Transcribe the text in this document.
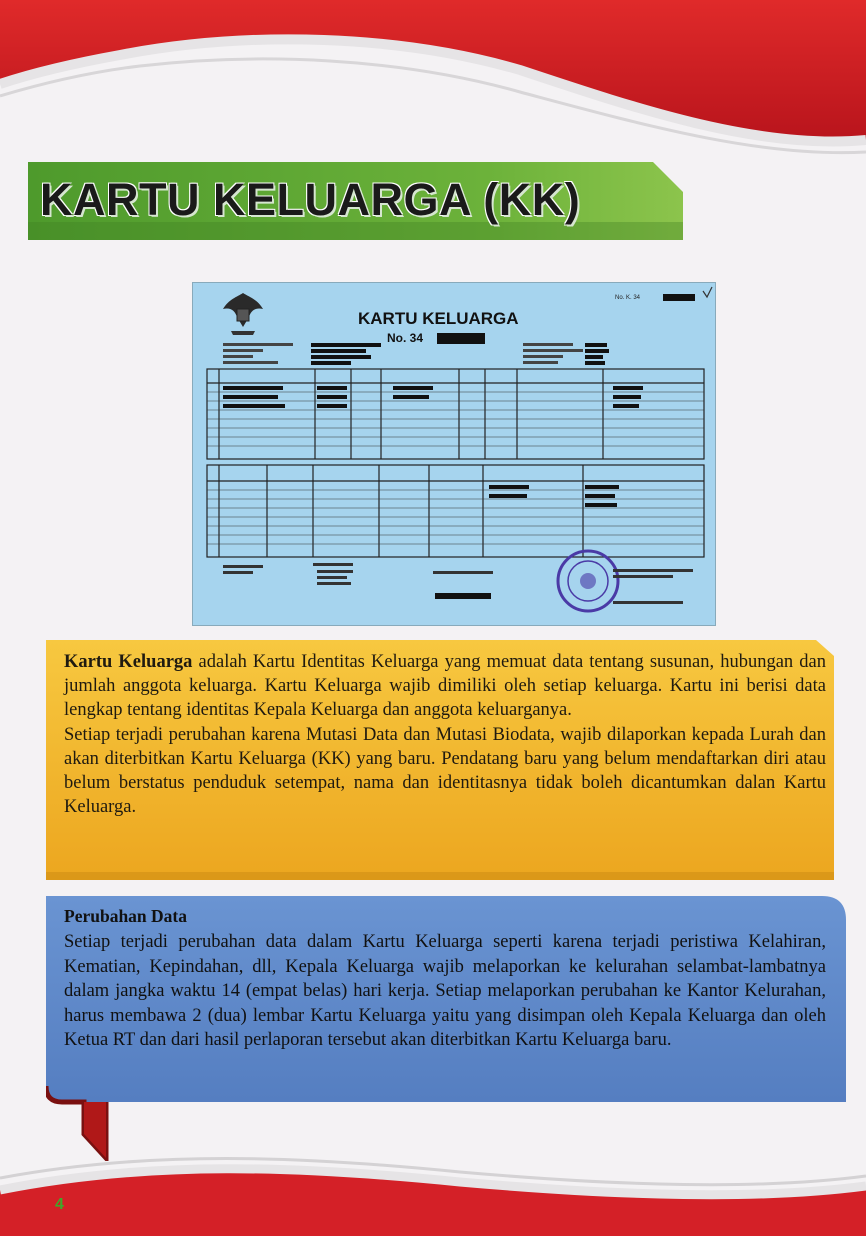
KARTU KELUARGA (KK)
KARTU KELUARGA
No. 34
No. K. 34

Kartu Keluarga adalah Kartu Identitas Keluarga yang memuat data tentang susunan, hubungan dan jumlah anggota keluarga. Kartu Keluarga wajib dimiliki oleh setiap keluarga. Kartu ini berisi data lengkap tentang identitas Kepala Keluarga dan anggota keluarganya.

Setiap terjadi perubahan karena Mutasi Data dan Mutasi Biodata, wajib dilaporkan kepada Lurah dan akan diterbitkan Kartu Keluarga (KK) yang baru. Pendatang baru yang belum mendaftarkan diri atau belum berstatus penduduk setempat, nama dan identitasnya tidak boleh dicantumkan dalan Kartu Keluarga.

Perubahan Data
Setiap terjadi perubahan data dalam Kartu Keluarga seperti karena terjadi peristiwa Kelahiran, Kematian, Kepindahan, dll, Kepala Keluarga wajib melaporkan ke kelurahan selambat-lambatnya dalam jangka waktu 14 (empat belas) hari kerja. Setiap melaporkan perubahan ke Kantor Kelurahan, harus membawa 2 (dua) lembar Kartu Keluarga yaitu yang disimpan oleh Kepala Keluarga dan oleh Ketua RT dan dari hasil perlaporan tersebut akan diterbitkan Kartu Keluarga baru.
4
